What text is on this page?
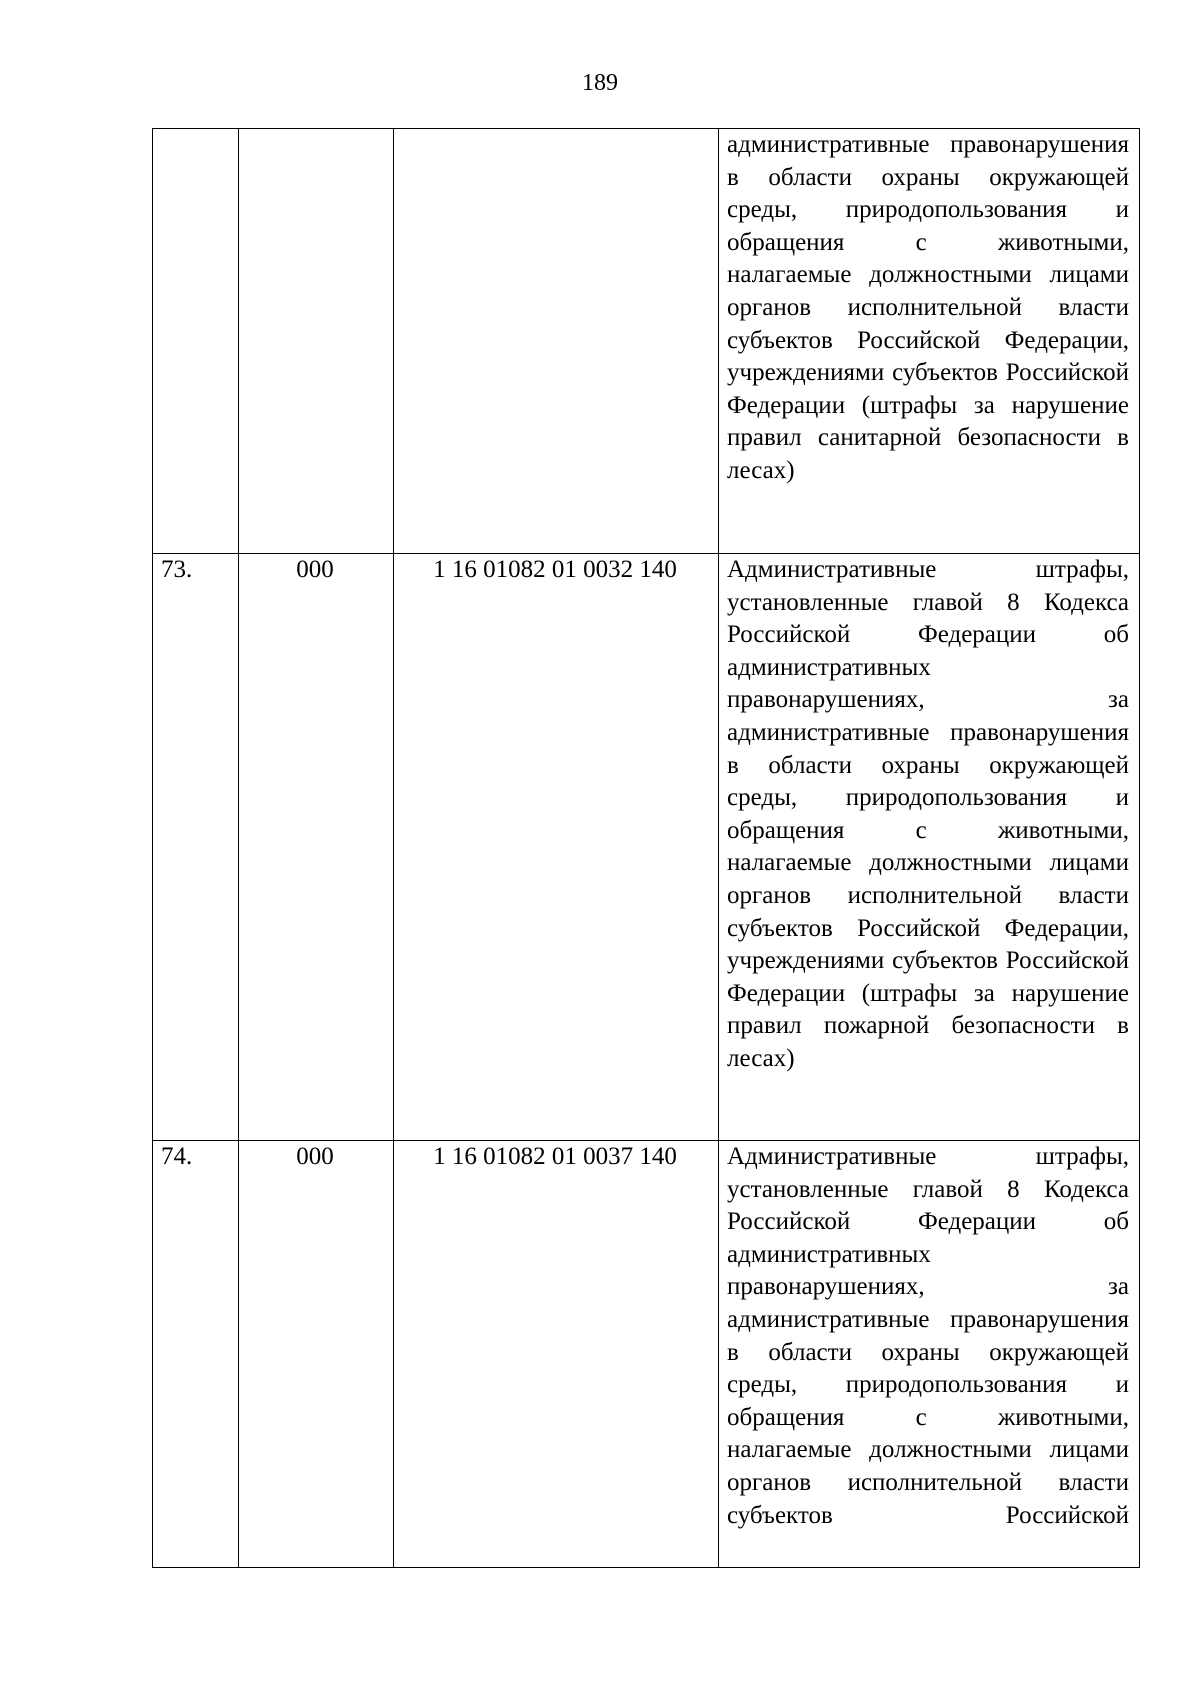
189
			административные правонарушения в области охраны окружающей среды, природопользования и обращения с животными, налагаемые должностными лицами органов исполнительной власти субъектов Российской Федерации, учреждениями субъектов Российской Федерации (штрафы за нарушение правил санитарной безопасности в лесах)
73.	000	1 16 01082 01 0032 140	Административные штрафы, установленные главой 8 Кодекса Российской Федерации об административных правонарушениях, за административные правонарушения в области охраны окружающей среды, природопользования и обращения с животными, налагаемые должностными лицами органов исполнительной власти субъектов Российской Федерации, учреждениями субъектов Российской Федерации (штрафы за нарушение правил пожарной безопасности в лесах)
74.	000	1 16 01082 01 0037 140	Административные штрафы, установленные главой 8 Кодекса Российской Федерации об административных правонарушениях, за административные правонарушения в области охраны окружающей среды, природопользования и обращения с животными, налагаемые должностными лицами органов исполнительной власти субъектов Российской
